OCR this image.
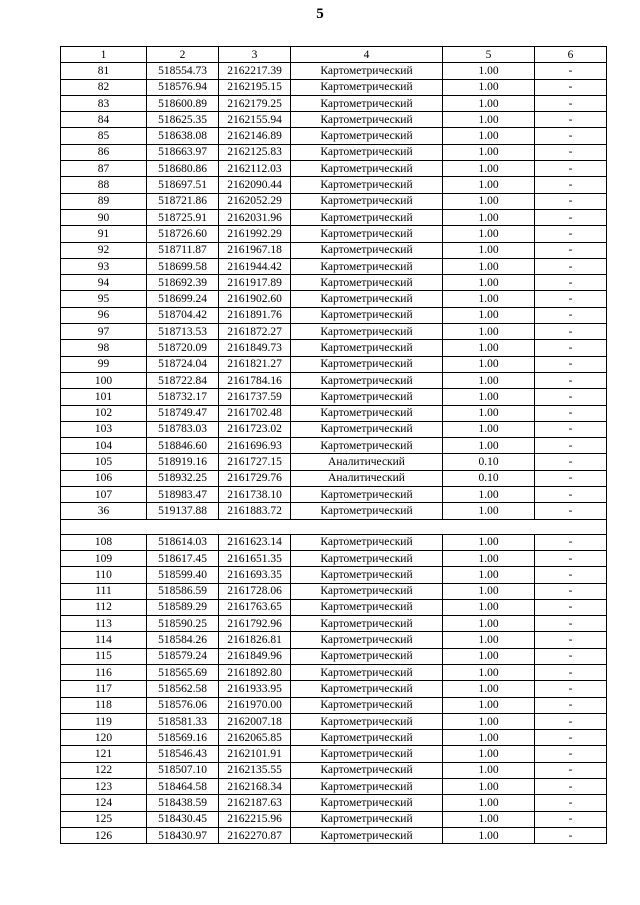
5
1	2	3	4	5	6
81	518554.73	2162217.39	Картометрический	1.00	-
82	518576.94	2162195.15	Картометрический	1.00	-
83	518600.89	2162179.25	Картометрический	1.00	-
84	518625.35	2162155.94	Картометрический	1.00	-
85	518638.08	2162146.89	Картометрический	1.00	-
86	518663.97	2162125.83	Картометрический	1.00	-
87	518680.86	2162112.03	Картометрический	1.00	-
88	518697.51	2162090.44	Картометрический	1.00	-
89	518721.86	2162052.29	Картометрический	1.00	-
90	518725.91	2162031.96	Картометрический	1.00	-
91	518726.60	2161992.29	Картометрический	1.00	-
92	518711.87	2161967.18	Картометрический	1.00	-
93	518699.58	2161944.42	Картометрический	1.00	-
94	518692.39	2161917.89	Картометрический	1.00	-
95	518699.24	2161902.60	Картометрический	1.00	-
96	518704.42	2161891.76	Картометрический	1.00	-
97	518713.53	2161872.27	Картометрический	1.00	-
98	518720.09	2161849.73	Картометрический	1.00	-
99	518724.04	2161821.27	Картометрический	1.00	-
100	518722.84	2161784.16	Картометрический	1.00	-
101	518732.17	2161737.59	Картометрический	1.00	-
102	518749.47	2161702.48	Картометрический	1.00	-
103	518783.03	2161723.02	Картометрический	1.00	-
104	518846.60	2161696.93	Картометрический	1.00	-
105	518919.16	2161727.15	Аналитический	0.10	-
106	518932.25	2161729.76	Аналитический	0.10	-
107	518983.47	2161738.10	Картометрический	1.00	-
36	519137.88	2161883.72	Картометрический	1.00	-

108	518614.03	2161623.14	Картометрический	1.00	-
109	518617.45	2161651.35	Картометрический	1.00	-
110	518599.40	2161693.35	Картометрический	1.00	-
111	518586.59	2161728.06	Картометрический	1.00	-
112	518589.29	2161763.65	Картометрический	1.00	-
113	518590.25	2161792.96	Картометрический	1.00	-
114	518584.26	2161826.81	Картометрический	1.00	-
115	518579.24	2161849.96	Картометрический	1.00	-
116	518565.69	2161892.80	Картометрический	1.00	-
117	518562.58	2161933.95	Картометрический	1.00	-
118	518576.06	2161970.00	Картометрический	1.00	-
119	518581.33	2162007.18	Картометрический	1.00	-
120	518569.16	2162065.85	Картометрический	1.00	-
121	518546.43	2162101.91	Картометрический	1.00	-
122	518507.10	2162135.55	Картометрический	1.00	-
123	518464.58	2162168.34	Картометрический	1.00	-
124	518438.59	2162187.63	Картометрический	1.00	-
125	518430.45	2162215.96	Картометрический	1.00	-
126	518430.97	2162270.87	Картометрический	1.00	-
